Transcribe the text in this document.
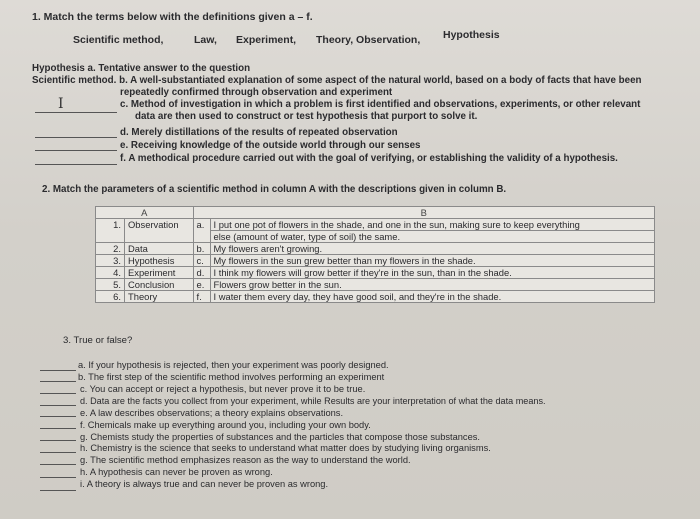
1. Match the terms below with the definitions given a – f.
Scientific method,	Law, Experiment, Theory, Observation, Hypothesis
Hypothesis a. Tentative answer to the question
Scientific method. b. A well-substantiated explanation of some aspect of the natural world, based on a body of facts that have been
repeatedly confirmed through observation and experiment
I	c. Method of investigation in which a problem is first identified and observations, experiments, or other relevant
data are then used to construct or test hypothesis that purport to solve it.
d. Merely distillations of the results of repeated observation
e. Receiving knowledge of the outside world through our senses
f. A methodical procedure carried out with the goal of verifying, or establishing the validity of a hypothesis.
2. Match the parameters of a scientific method in column A with the descriptions given in column B.
A		B	
1.	Observation	a.	I put one pot of flowers in the shade, and one in the sun, making sure to keep everything
			else (amount of water, type of soil) the same.
2.	Data	b.	My flowers aren't growing.
3.	Hypothesis	c.	My flowers in the sun grew better than my flowers in the shade.
4.	Experiment	d.	I think my flowers will grow better if they're in the sun, than in the shade.
5.	Conclusion	e.	Flowers grow better in the sun.
6.	Theory	f.	I water them every day, they have good soil, and they're in the shade.
3. True or false?
a. If your hypothesis is rejected, then your experiment was poorly designed.
b. The first step of the scientific method involves performing an experiment
c. You can accept or reject a hypothesis, but never prove it to be true.
d. Data are the facts you collect from your experiment, while Results are your interpretation of what the data means.
e. A law describes observations; a theory explains observations.
f. Chemicals make up everything around you, including your own body.
g. Chemists study the properties of substances and the particles that compose those substances.
h. Chemistry is the science that seeks to understand what matter does by studying living organisms.
g. The scientific method emphasizes reason as the way to understand the world.
h. A hypothesis can never be proven as wrong.
i. A theory is always true and can never be proven as wrong.
